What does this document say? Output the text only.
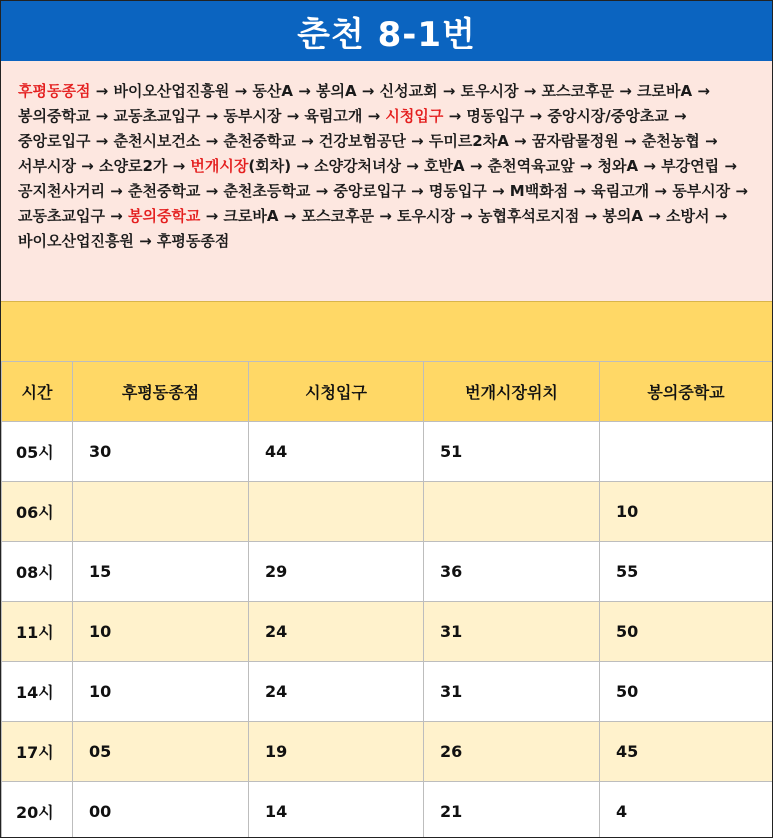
춘천 8-1번
후평동종점 → 바이오산업진흥원 → 동산A → 봉의A → 신성교회 → 토우시장 → 포스코후문 → 크로바A → 봉의중학교 → 교동초교입구 → 동부시장 → 육림고개 → 시청입구 → 명동입구 → 중앙시장/중앙초교 → 중앙로입구 → 춘천시보건소 → 춘천중학교 → 건강보험공단 → 두미르2차A → 꿈자람물정원 → 춘천농협 → 서부시장 → 소양로2가 → 번개시장(회차) → 소양강처녀상 → 호반A → 춘천역육교앞 → 청와A → 부강연립 → 공지천사거리 → 춘천중학교 → 춘천초등학교 → 중앙로입구 → 명동입구 → M백화점 → 육림고개 → 동부시장 → 교동초교입구 → 봉의중학교 → 크로바A → 포스코후문 → 토우시장 → 농협후석로지점 → 봉의A → 소방서 → 바이오산업진흥원 → 후평동종점
시간	후평동종점	시청입구	번개시장위치	봉의중학교
05시	30	44	51	
06시				10
08시	15	29	36	55
11시	10	24	31	50
14시	10	24	31	50
17시	05	19	26	45
20시	00	14	21	4
